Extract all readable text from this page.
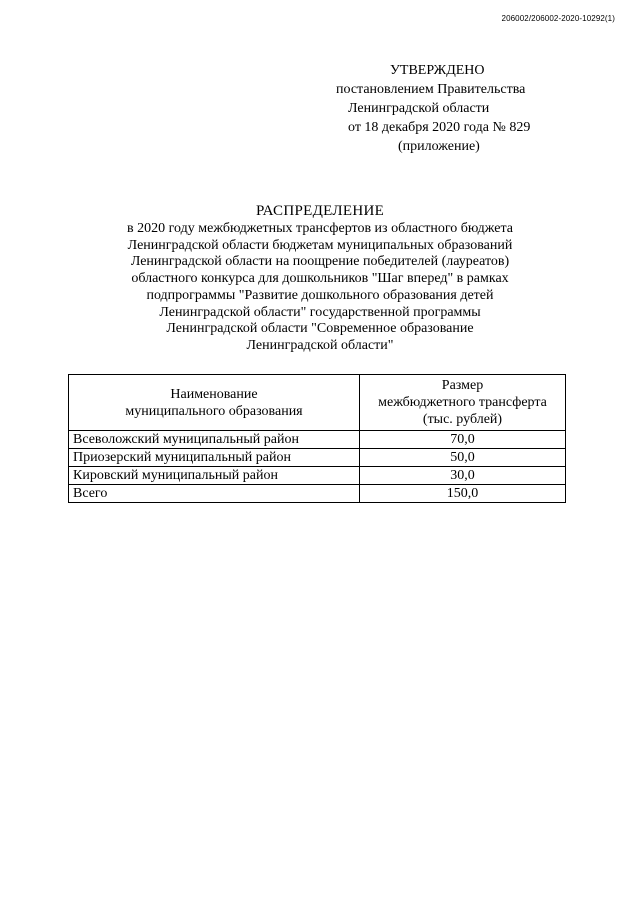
206002/206002-2020-10292(1)
УТВЕРЖДЕНО
постановлением Правительства
Ленинградской области
от 18 декабря 2020 года № 829
(приложение)
РАСПРЕДЕЛЕНИЕ
в 2020 году межбюджетных трансфертов из областного бюджета
Ленинградской области бюджетам муниципальных образований
Ленинградской области на поощрение победителей (лауреатов)
областного конкурса для дошкольников "Шаг вперед" в рамках
подпрограммы "Развитие дошкольного образования детей
Ленинградской области" государственной программы
Ленинградской области "Современное образование
Ленинградской области"
Наименование
муниципального образования	Размер
межбюджетного трансферта
(тыс. рублей)

Всеволожский муниципальный район	70,0
Приозерский муниципальный район	50,0
Кировский муниципальный район	30,0
Всего	150,0
